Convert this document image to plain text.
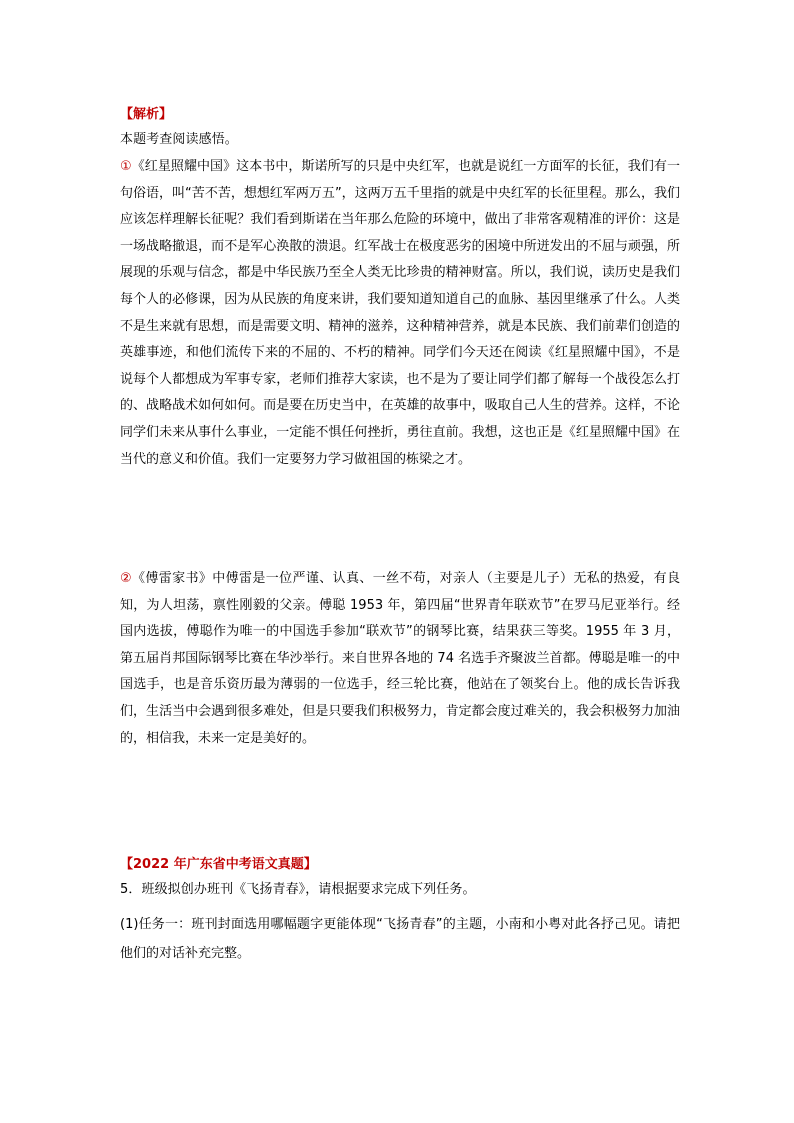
【解析】
本题考查阅读感悟。
①《红星照耀中国》这本书中，斯诺所写的只是中央红军，也就是说红一方面军的长征，我们有一句俗语，叫“苦不苦，想想红军两万五”，这两万五千里指的就是中央红军的长征里程。那么，我们应该怎样理解长征呢？我们看到斯诺在当年那么危险的环境中，做出了非常客观精准的评价：这是一场战略撤退，而不是军心涣散的溃退。红军战士在极度恶劣的困境中所迸发出的不屈与顽强，所展现的乐观与信念，都是中华民族乃至全人类无比珍贵的精神财富。所以，我们说，读历史是我们每个人的必修课，因为从民族的角度来讲，我们要知道知道自己的血脉、基因里继承了什么。人类不是生来就有思想，而是需要文明、精神的滋养，这种精神营养，就是本民族、我们前辈们创造的英雄事迹，和他们流传下来的不屈的、不朽的精神。同学们今天还在阅读《红星照耀中国》，不是说每个人都想成为军事专家，老师们推荐大家读，也不是为了要让同学们都了解每一个战役怎么打的、战略战术如何如何。而是要在历史当中，在英雄的故事中，吸取自己人生的营养。这样，不论同学们未来从事什么事业，一定能不惧任何挫折，勇往直前。我想，这也正是《红星照耀中国》在当代的意义和价值。我们一定要努力学习做祖国的栋梁之才。
②《傅雷家书》中傅雷是一位严谨、认真、一丝不苟，对亲人（主要是儿子）无私的热爱，有良知，为人坦荡，禀性刚毅的父亲。傅聪 1953 年，第四届“世界青年联欢节”在罗马尼亚举行。经国内选拔，傅聪作为唯一的中国选手参加“联欢节”的钢琴比赛，结果获三等奖。1955 年 3 月，第五届肖邦国际钢琴比赛在华沙举行。来自世界各地的 74 名选手齐聚波兰首都。傅聪是唯一的中国选手，也是音乐资历最为薄弱的一位选手，经三轮比赛，他站在了领奖台上。他的成长告诉我们，生活当中会遇到很多难处，但是只要我们积极努力，肯定都会度过难关的，我会积极努力加油的，相信我，未来一定是美好的。
【2022 年广东省中考语文真题】
5．班级拟创办班刊《飞扬青春》，请根据要求完成下列任务。
(1)任务一：班刊封面选用哪幅题字更能体现“飞扬青春”的主题，小南和小粤对此各抒己见。请把他们的对话补充完整。
